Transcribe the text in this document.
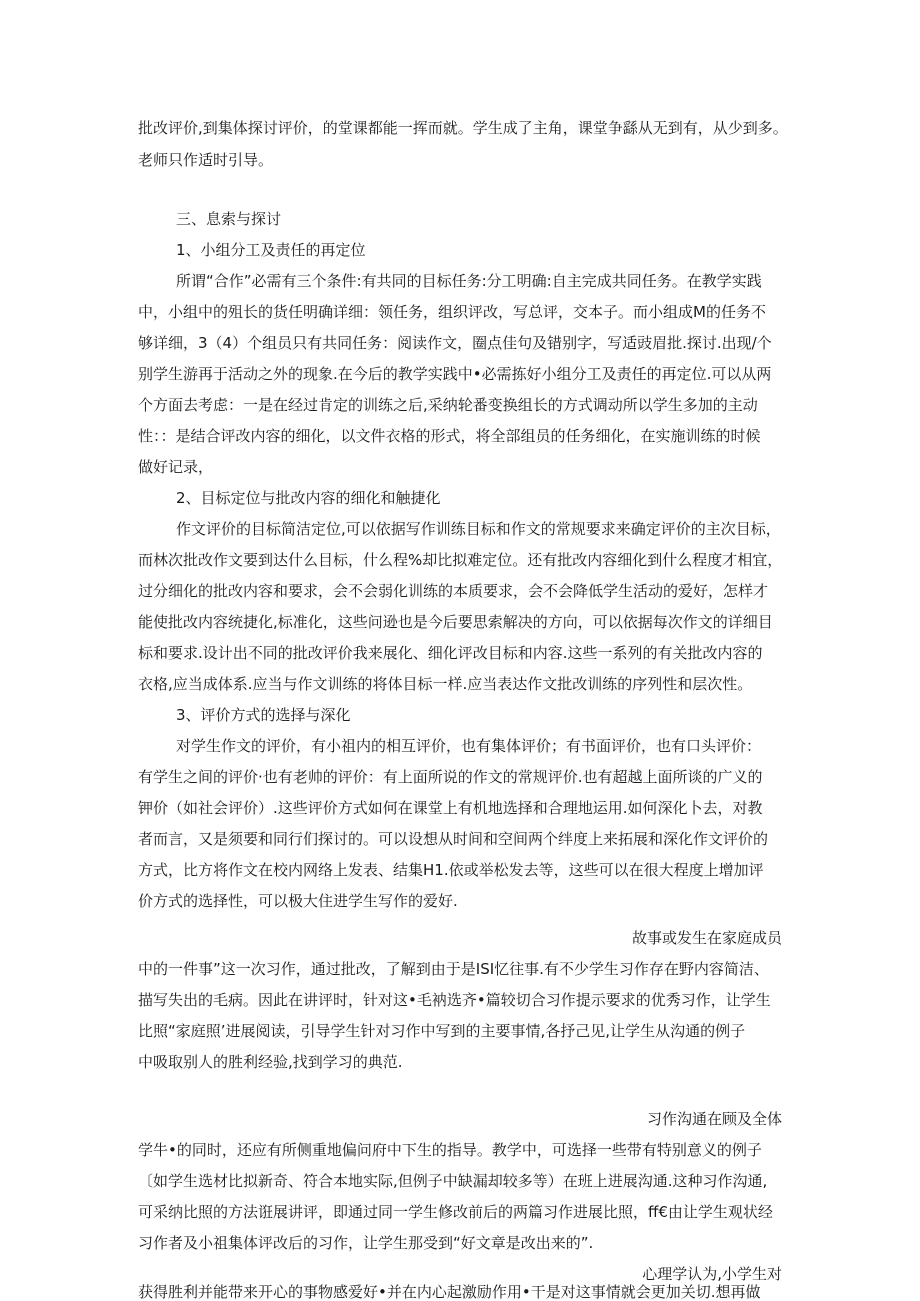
批改评价,到集体探讨评价，的堂课都能一挥而就。学生成了主角，课堂争繇从无到有，从少到多。
老师只作适时引导。
三、息索与探讨
1、小组分工及责任的再定位
所谓“合作”必需有三个条件:有共同的目标任务:分工明确:自主完成共同任务。在教学实践
中，小组中的殂长的货任明确详细：领任务，组织评改，写总评，交本子。而小组成M的任务不
够详细，3（4）个组员只有共同任务：阅读作文，圈点佳句及错别字，写适豉眉批.探讨.出现/个
别学生游再于活动之外的现象.在今后的教学实践中•必需拣好小组分工及责任的再定位.可以从两
个方面去考虑：一是在经过肯定的训练之后,采纳轮番变换组长的方式调动所以学生多加的主动
性：：是结合评改内容的细化，以文件衣格的形式，将全部组员的任务细化，在实施训练的时候
做好记录，
2、目标定位与批改内容的细化和触捷化
作文评价的目标简洁定位,可以依据写作训练目标和作文的常规要求来确定评价的主次目标，
而林次批改作文要到达什么目标，什么程%却比拟难定位。还有批改内容细化到什么程度才相宜，
过分细化的批改内容和要求，会不会弱化训练的本质要求，会不会降低学生活动的爱好，怎样才
能使批改内容统捷化,标准化，这些问逊也是今后要思索解决的方向，可以依据每次作文的详细目
标和要求.设计出不同的批改评价我来展化、细化评改目标和内容.这些一系列的有关批改内容的
衣格,应当成体系.应当与作文训练的将体目标一样.应当表达作文批改训练的序列性和层次性。
3、评价方式的选择与深化
对学生作文的评价，有小祖内的相互评价，也有集体评价；有书面评价，也有口头评价：
有学生之间的评价·也有老帅的评价：有上面所说的作文的常规评价.也有超越上面所谈的广义的
钾价（如社会评价）.这些评价方式如何在课堂上有机地选择和合理地运用.如何深化卜去，对教
者而言，又是须要和同行们探讨的。可以设想从时间和空间两个绊度上来拓展和深化作文评价的
方式，比方将作文在校内网络上发表、结集H1.依或举松发去等，这些可以在很大程度上增加评
价方式的选择性，可以极大住进学生写作的爱好.
故事或发生在家庭成员
中的一件事”这一次习作，通过批改，了解到由于是ISI忆往事.有不少学生习作存在野内容简洁、
描写失出的毛病。因此在讲评时，针对这•毛衲选齐•篇较切合习作提示要求的优秀习作，让学生
比照“家庭照’进展阅读，引导学生针对习作中写到的主要事情,各抒己见,让学生从沟通的例子
中吸取别人的胜利经验,找到学习的典范.
习作沟通在顾及全体
学牛•的同时，还应有所侧重地偏问府中下生的指导。教学中，可选择一些带有特别意义的例子
〔如学生选材比拟新奇、符合本地实际,但例子中缺漏却较多等）在班上进展沟通.这种习作沟通,
可采纳比照的方法诳展讲评，即通过同一学生修改前后的两篇习作进展比照，ff€由让学生观状经
习作者及小祖集体评改后的习作，让学生那受到“好文章是改出来的”.
心理学认为,小学生对
获得胜利并能带来开心的事物感爱好•并在内心起激励作用•干是对这事情就会更加关切.想再做
